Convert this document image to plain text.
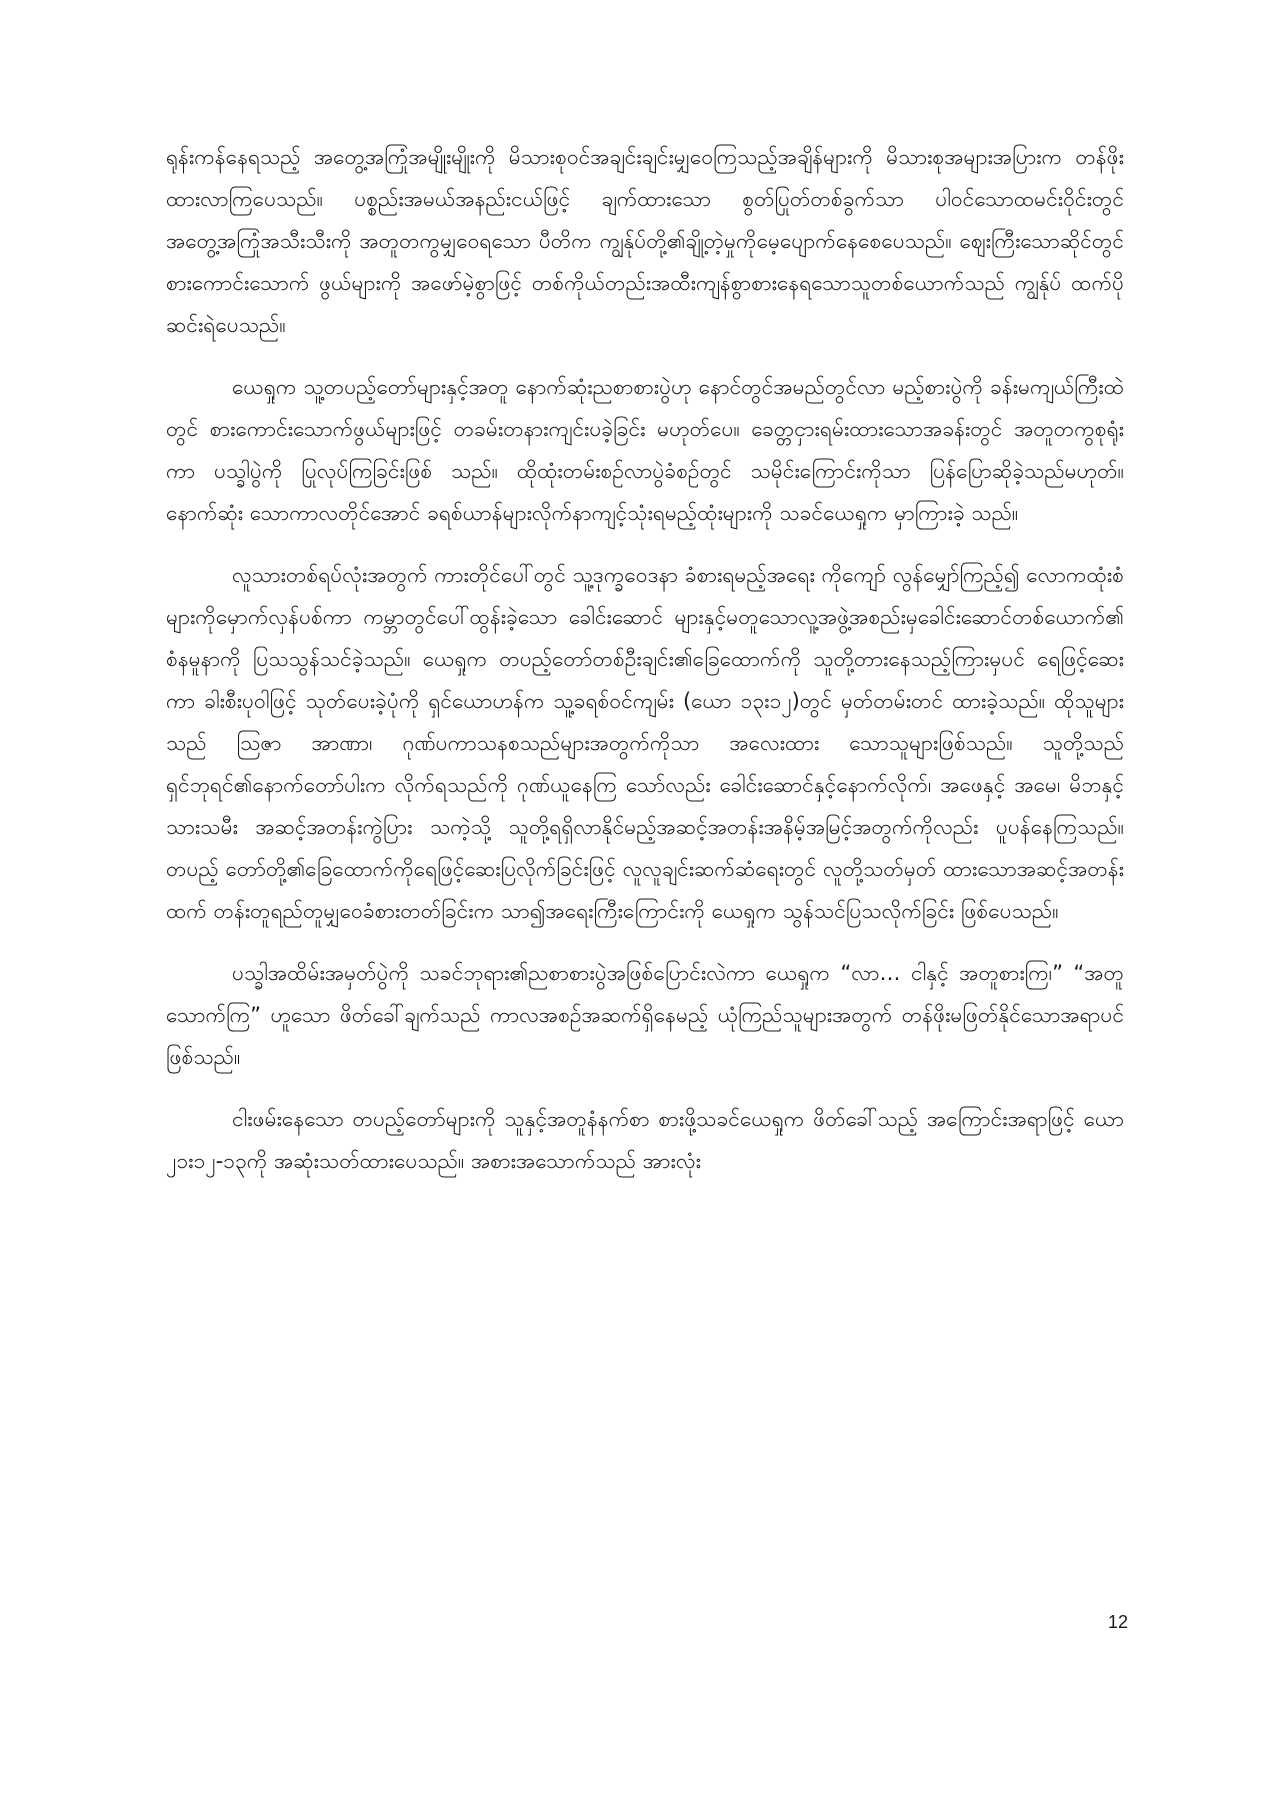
ရုန်းကန်နေရသည့် အတွေ့အကြုံအမျိုးမျိုးကို မိသားစုဝင်အချင်းချင်းမျှဝေကြသည့်အချိန်များကို မိသားစုအများအပြားက တန်ဖိုးထားလာကြပေသည်။ ပစ္စည်းအမယ်အနည်းငယ်ဖြင့် ချက်ထားသော စွတ်ပြုတ်တစ်ခွက်သာ ပါဝင်သောထမင်းဝိုင်းတွင် အတွေ့အကြုံအသီးသီးကို အတူတကွမျှဝေရသော ပီတိက ကျွန်ုပ်တို့၏ချို့တဲ့မှုကိုမေ့ပျောက်နေစေပေသည်။ ဈေးကြီးသောဆိုင်တွင်စားကောင်းသောက် ဖွယ်များကို အဖော်မဲ့စွာဖြင့် တစ်ကိုယ်တည်းအထီးကျန်စွာစားနေရသောသူတစ်ယောက်သည် ကျွန်ုပ် ထက်ပိုဆင်းရဲပေသည်။

ယေရှုက သူ့တပည့်တော်များနှင့်အတူ နောက်ဆုံးညစာစားပွဲဟု နောင်တွင်အမည်တွင်လာ မည့်စားပွဲကို ခန်းမကျယ်ကြီးထဲတွင် စားကောင်းသောက်ဖွယ်များဖြင့် တခမ်းတနားကျင်းပခဲ့ခြင်း မဟုတ်ပေ။ ခေတ္တငှားရမ်းထားသောအခန်းတွင် အတူတကွစုရုံးကာ ပသ္ခါပွဲကို ပြုလုပ်ကြခြင်းဖြစ် သည်။ ထိုထုံးတမ်းစဉ်လာပွဲခံစဉ်တွင် သမိုင်းကြောင်းကိုသာ ပြန်ပြောဆိုခဲ့သည်မဟုတ်။ နောက်ဆုံး သောကာလတိုင်အောင် ခရစ်ယာန်များလိုက်နာကျင့်သုံးရမည့်ထုံးများကို သခင်ယေရှုက မှာကြားခဲ့ သည်။

လူသားတစ်ရပ်လုံးအတွက် ကားတိုင်ပေါ်တွင် သူ့ဒုက္ခဝေဒနာ ခံစားရမည့်အရေး ကိုကျော် လွန်မျှော်ကြည့်၍ လောကထုံးစံများကိုမှောက်လှန်ပစ်ကာ ကမ္ဘာတွင်ပေါ်ထွန်းခဲ့သော ခေါင်းဆောင် များနှင့်မတူသောလူ့အဖွဲ့အစည်းမှခေါင်းဆောင်တစ်ယောက်၏ စံနမူနာကို ပြသသွန်သင်ခဲ့သည်။ ယေရှုက တပည့်တော်တစ်ဦးချင်း၏ခြေထောက်ကို သူတို့တားနေသည့်ကြားမှပင် ရေဖြင့်ဆေးကာ ခါးစီးပုဝါဖြင့် သုတ်ပေးခဲ့ပုံကို ရှင်ယောဟန်က သူ့ခရစ်ဝင်ကျမ်း (ယော ၁၃း၁၂)တွင် မှတ်တမ်းတင် ထားခဲ့သည်။ ထိုသူများသည် ဩဇာ အာဏာ၊ ဂုဏ်ပကာသနစသည်များအတွက်ကိုသာ အလေးထား သောသူများဖြစ်သည်။ သူတို့သည် ရှင်ဘုရင်၏နောက်တော်ပါးက လိုက်ရသည်ကို ဂုဏ်ယူနေကြ သော်လည်း ခေါင်းဆောင်နှင့်နောက်လိုက်၊ အဖေနှင့် အမေ၊ မိဘနှင့်သားသမီး အဆင့်အတန်းကွဲပြား သကဲ့သို့ သူတို့ရရှိလာနိုင်မည့်အဆင့်အတန်းအနိမ့်အမြင့်အတွက်ကိုလည်း ပူပန်နေကြသည်။ တပည့် တော်တို့၏ခြေထောက်ကိုရေဖြင့်ဆေးပြလိုက်ခြင်းဖြင့် လူလူချင်းဆက်ဆံရေးတွင် လူတို့သတ်မှတ် ထားသောအဆင့်အတန်းထက် တန်းတူရည်တူမျှဝေခံစားတတ်ခြင်းက သာ၍အရေးကြီးကြောင်းကို ယေရှုက သွန်သင်ပြသလိုက်ခြင်း ဖြစ်ပေသည်။

ပသ္ခါအထိမ်းအမှတ်ပွဲကို သခင်ဘုရား၏ညစာစားပွဲအဖြစ်ပြောင်းလဲကာ ယေရှုက “လာ… ငါနှင့် အတူစားကြ၊” “အတူသောက်ကြ” ဟူသော ဖိတ်ခေါ်ချက်သည် ကာလအစဉ်အဆက်ရှိနေမည့် ယုံကြည်သူများအတွက် တန်ဖိုးမဖြတ်နိုင်သောအရာပင် ဖြစ်သည်။

ငါးဖမ်းနေသော တပည့်တော်များကို သူနှင့်အတူနံနက်စာ စားဖို့သခင်ယေရှုက ဖိတ်ခေါ်သည့် အကြောင်းအရာဖြင့် ယော ၂၁း၁၂-၁၃ကို အဆုံးသတ်ထားပေသည်။ အစားအသောက်သည် အားလုံး

12
